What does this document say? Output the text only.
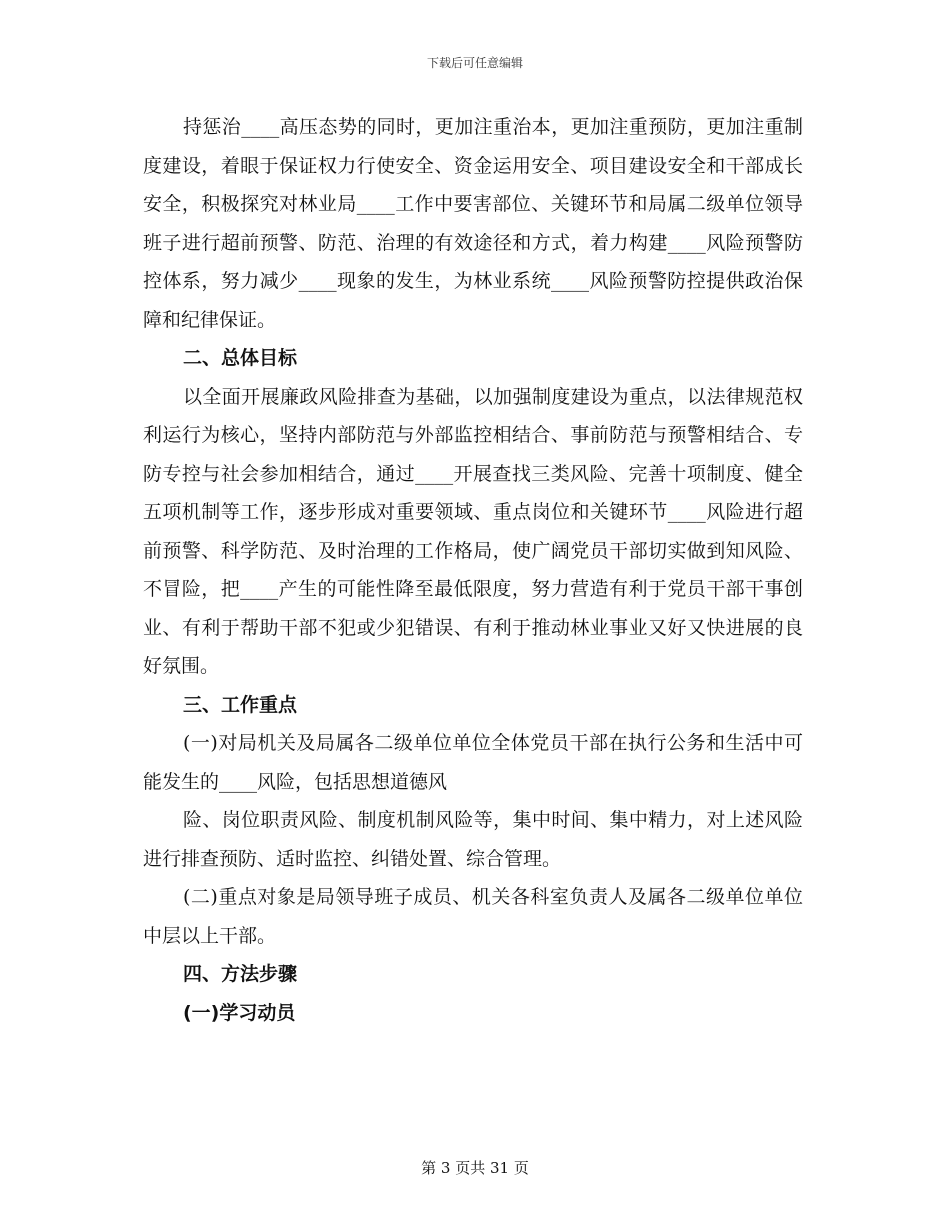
下载后可任意编辑

持惩治____高压态势的同时，更加注重治本，更加注重预防，更加注重制度建设，着眼于保证权力行使安全、资金运用安全、项目建设安全和干部成长安全，积极探究对林业局____工作中要害部位、关键环节和局属二级单位领导班子进行超前预警、防范、治理的有效途径和方式，着力构建____风险预警防控体系，努力减少____现象的发生，为林业系统____风险预警防控提供政治保障和纪律保证。

二、总体目标

以全面开展廉政风险排查为基础，以加强制度建设为重点，以法律规范权利运行为核心，坚持内部防范与外部监控相结合、事前防范与预警相结合、专防专控与社会参加相结合，通过____开展查找三类风险、完善十项制度、健全五项机制等工作，逐步形成对重要领域、重点岗位和关键环节____风险进行超前预警、科学防范、及时治理的工作格局，使广阔党员干部切实做到知风险、不冒险，把____产生的可能性降至最低限度，努力营造有利于党员干部干事创业、有利于帮助干部不犯或少犯错误、有利于推动林业事业又好又快进展的良好氛围。

三、工作重点

(一)对局机关及局属各二级单位单位全体党员干部在执行公务和生活中可能发生的____风险，包括思想道德风

险、岗位职责风险、制度机制风险等，集中时间、集中精力，对上述风险进行排查预防、适时监控、纠错处置、综合管理。

(二)重点对象是局领导班子成员、机关各科室负责人及属各二级单位单位中层以上干部。

四、方法步骤

(一)学习动员

第 3 页共 31 页
